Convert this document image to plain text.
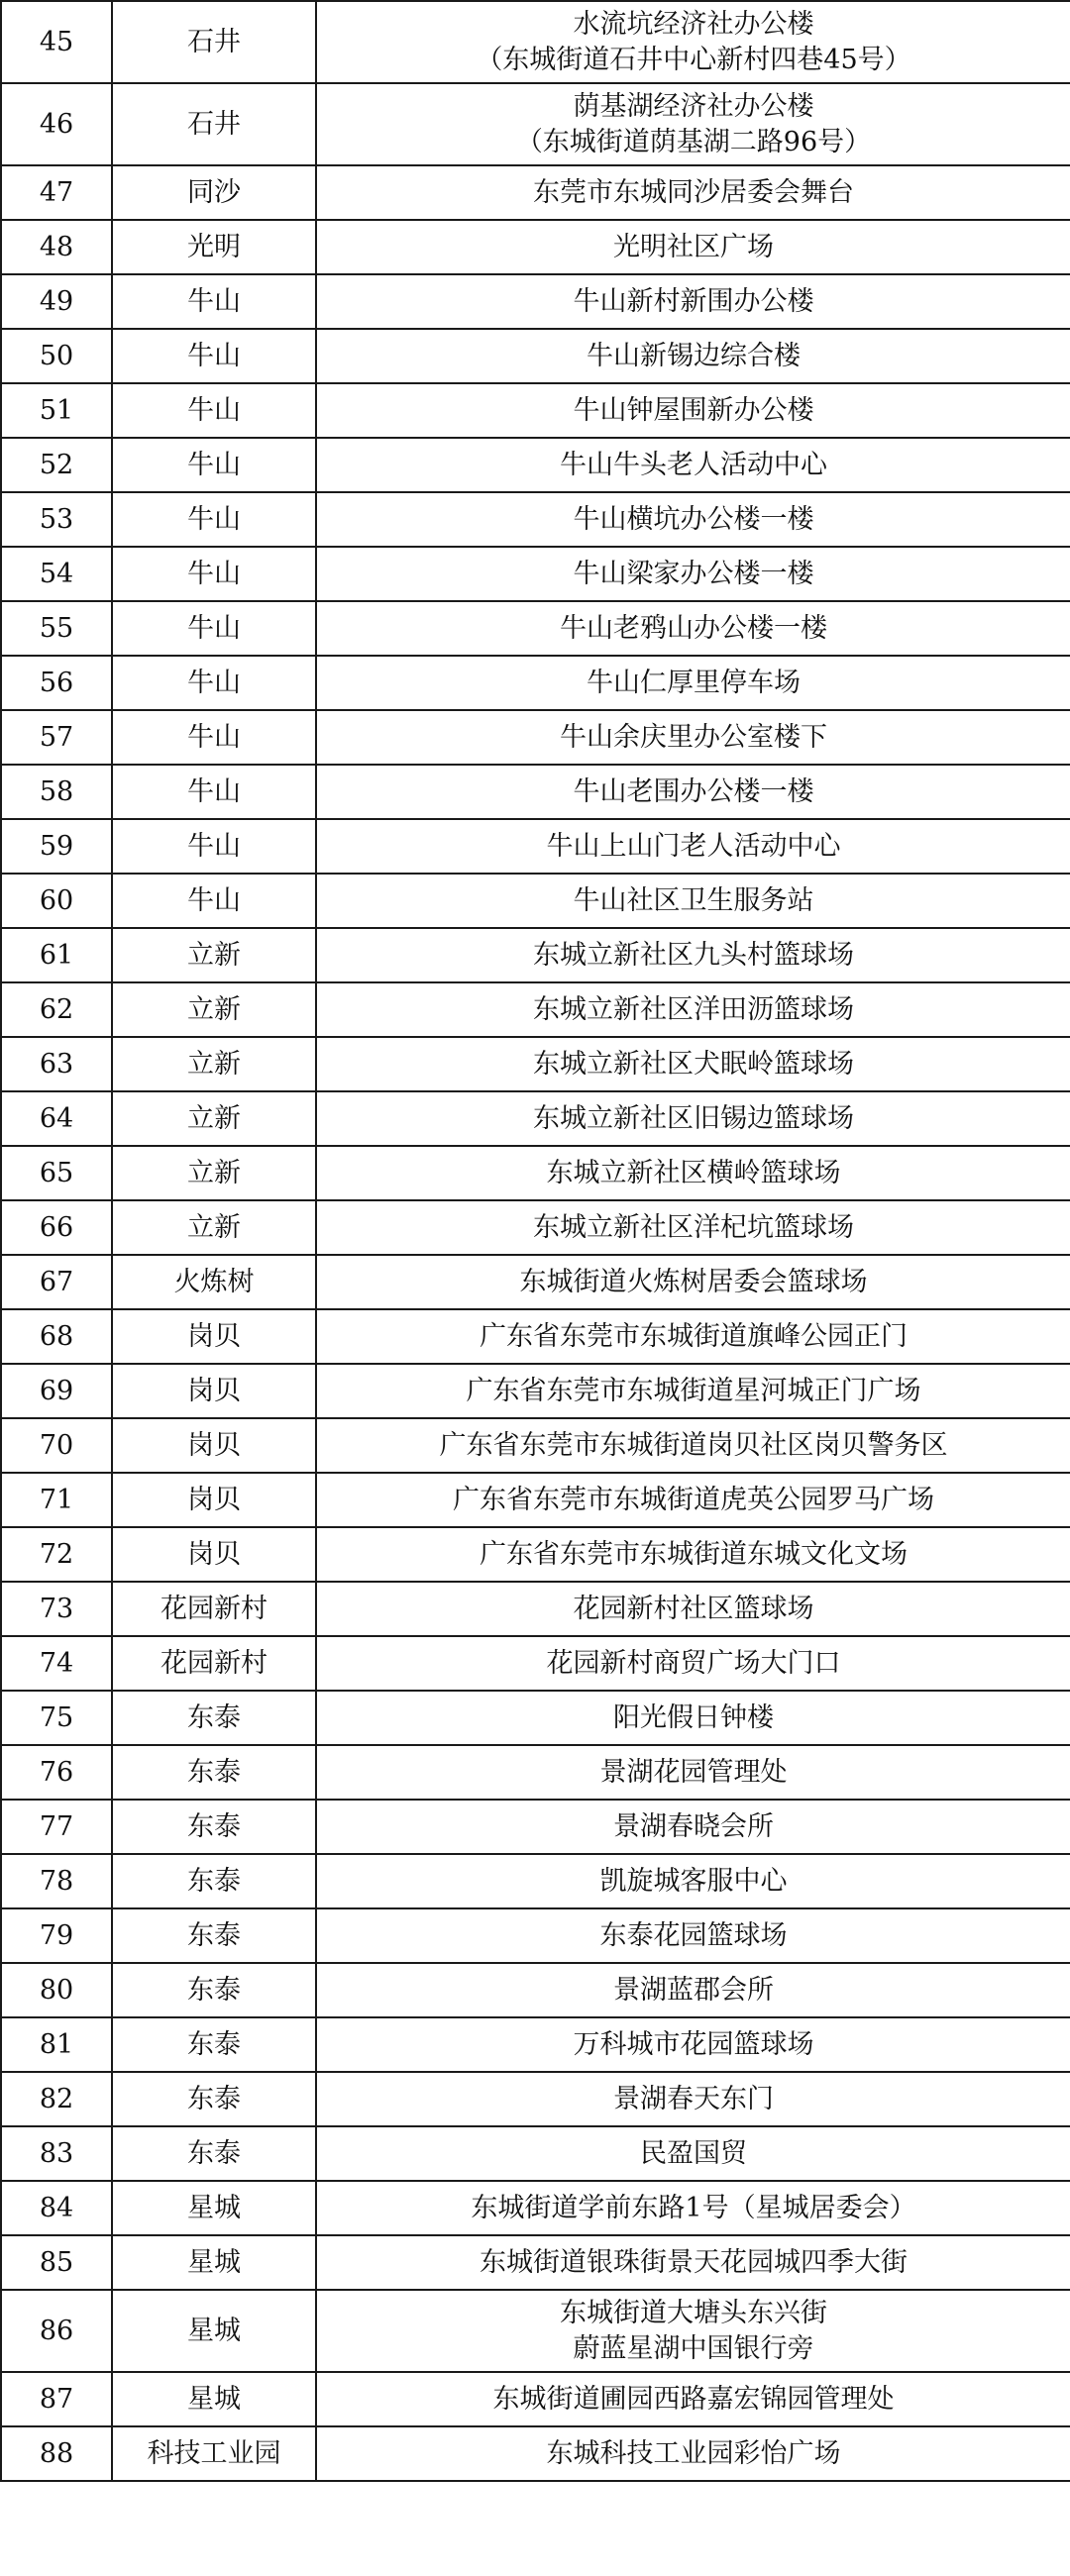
45	石井	水流坑经济社办公楼
（东城街道石井中心新村四巷45号）

46	石井	荫基湖经济社办公楼
（东城街道荫基湖二路96号）

47	同沙	东莞市东城同沙居委会舞台

48	光明	光明社区广场

49	牛山	牛山新村新围办公楼

50	牛山	牛山新锡边综合楼

51	牛山	牛山钟屋围新办公楼

52	牛山	牛山牛头老人活动中心

53	牛山	牛山横坑办公楼一楼

54	牛山	牛山梁家办公楼一楼

55	牛山	牛山老鸦山办公楼一楼

56	牛山	牛山仁厚里停车场

57	牛山	牛山余庆里办公室楼下

58	牛山	牛山老围办公楼一楼

59	牛山	牛山上山门老人活动中心

60	牛山	牛山社区卫生服务站

61	立新	东城立新社区九头村篮球场

62	立新	东城立新社区洋田沥篮球场

63	立新	东城立新社区犬眠岭篮球场

64	立新	东城立新社区旧锡边篮球场

65	立新	东城立新社区横岭篮球场

66	立新	东城立新社区洋杞坑篮球场

67	火炼树	东城街道火炼树居委会篮球场

68	岗贝	广东省东莞市东城街道旗峰公园正门

69	岗贝	广东省东莞市东城街道星河城正门广场

70	岗贝	广东省东莞市东城街道岗贝社区岗贝警务区

71	岗贝	广东省东莞市东城街道虎英公园罗马广场

72	岗贝	广东省东莞市东城街道东城文化文场

73	花园新村	花园新村社区篮球场

74	花园新村	花园新村商贸广场大门口

75	东泰	阳光假日钟楼

76	东泰	景湖花园管理处

77	东泰	景湖春晓会所

78	东泰	凯旋城客服中心

79	东泰	东泰花园篮球场

80	东泰	景湖蓝郡会所

81	东泰	万科城市花园篮球场

82	东泰	景湖春天东门

83	东泰	民盈国贸

84	星城	东城街道学前东路1号（星城居委会）

85	星城	东城街道银珠街景天花园城四季大街

86	星城	东城街道大塘头东兴街
蔚蓝星湖中国银行旁

87	星城	东城街道圃园西路嘉宏锦园管理处

88	科技工业园	东城科技工业园彩怡广场
